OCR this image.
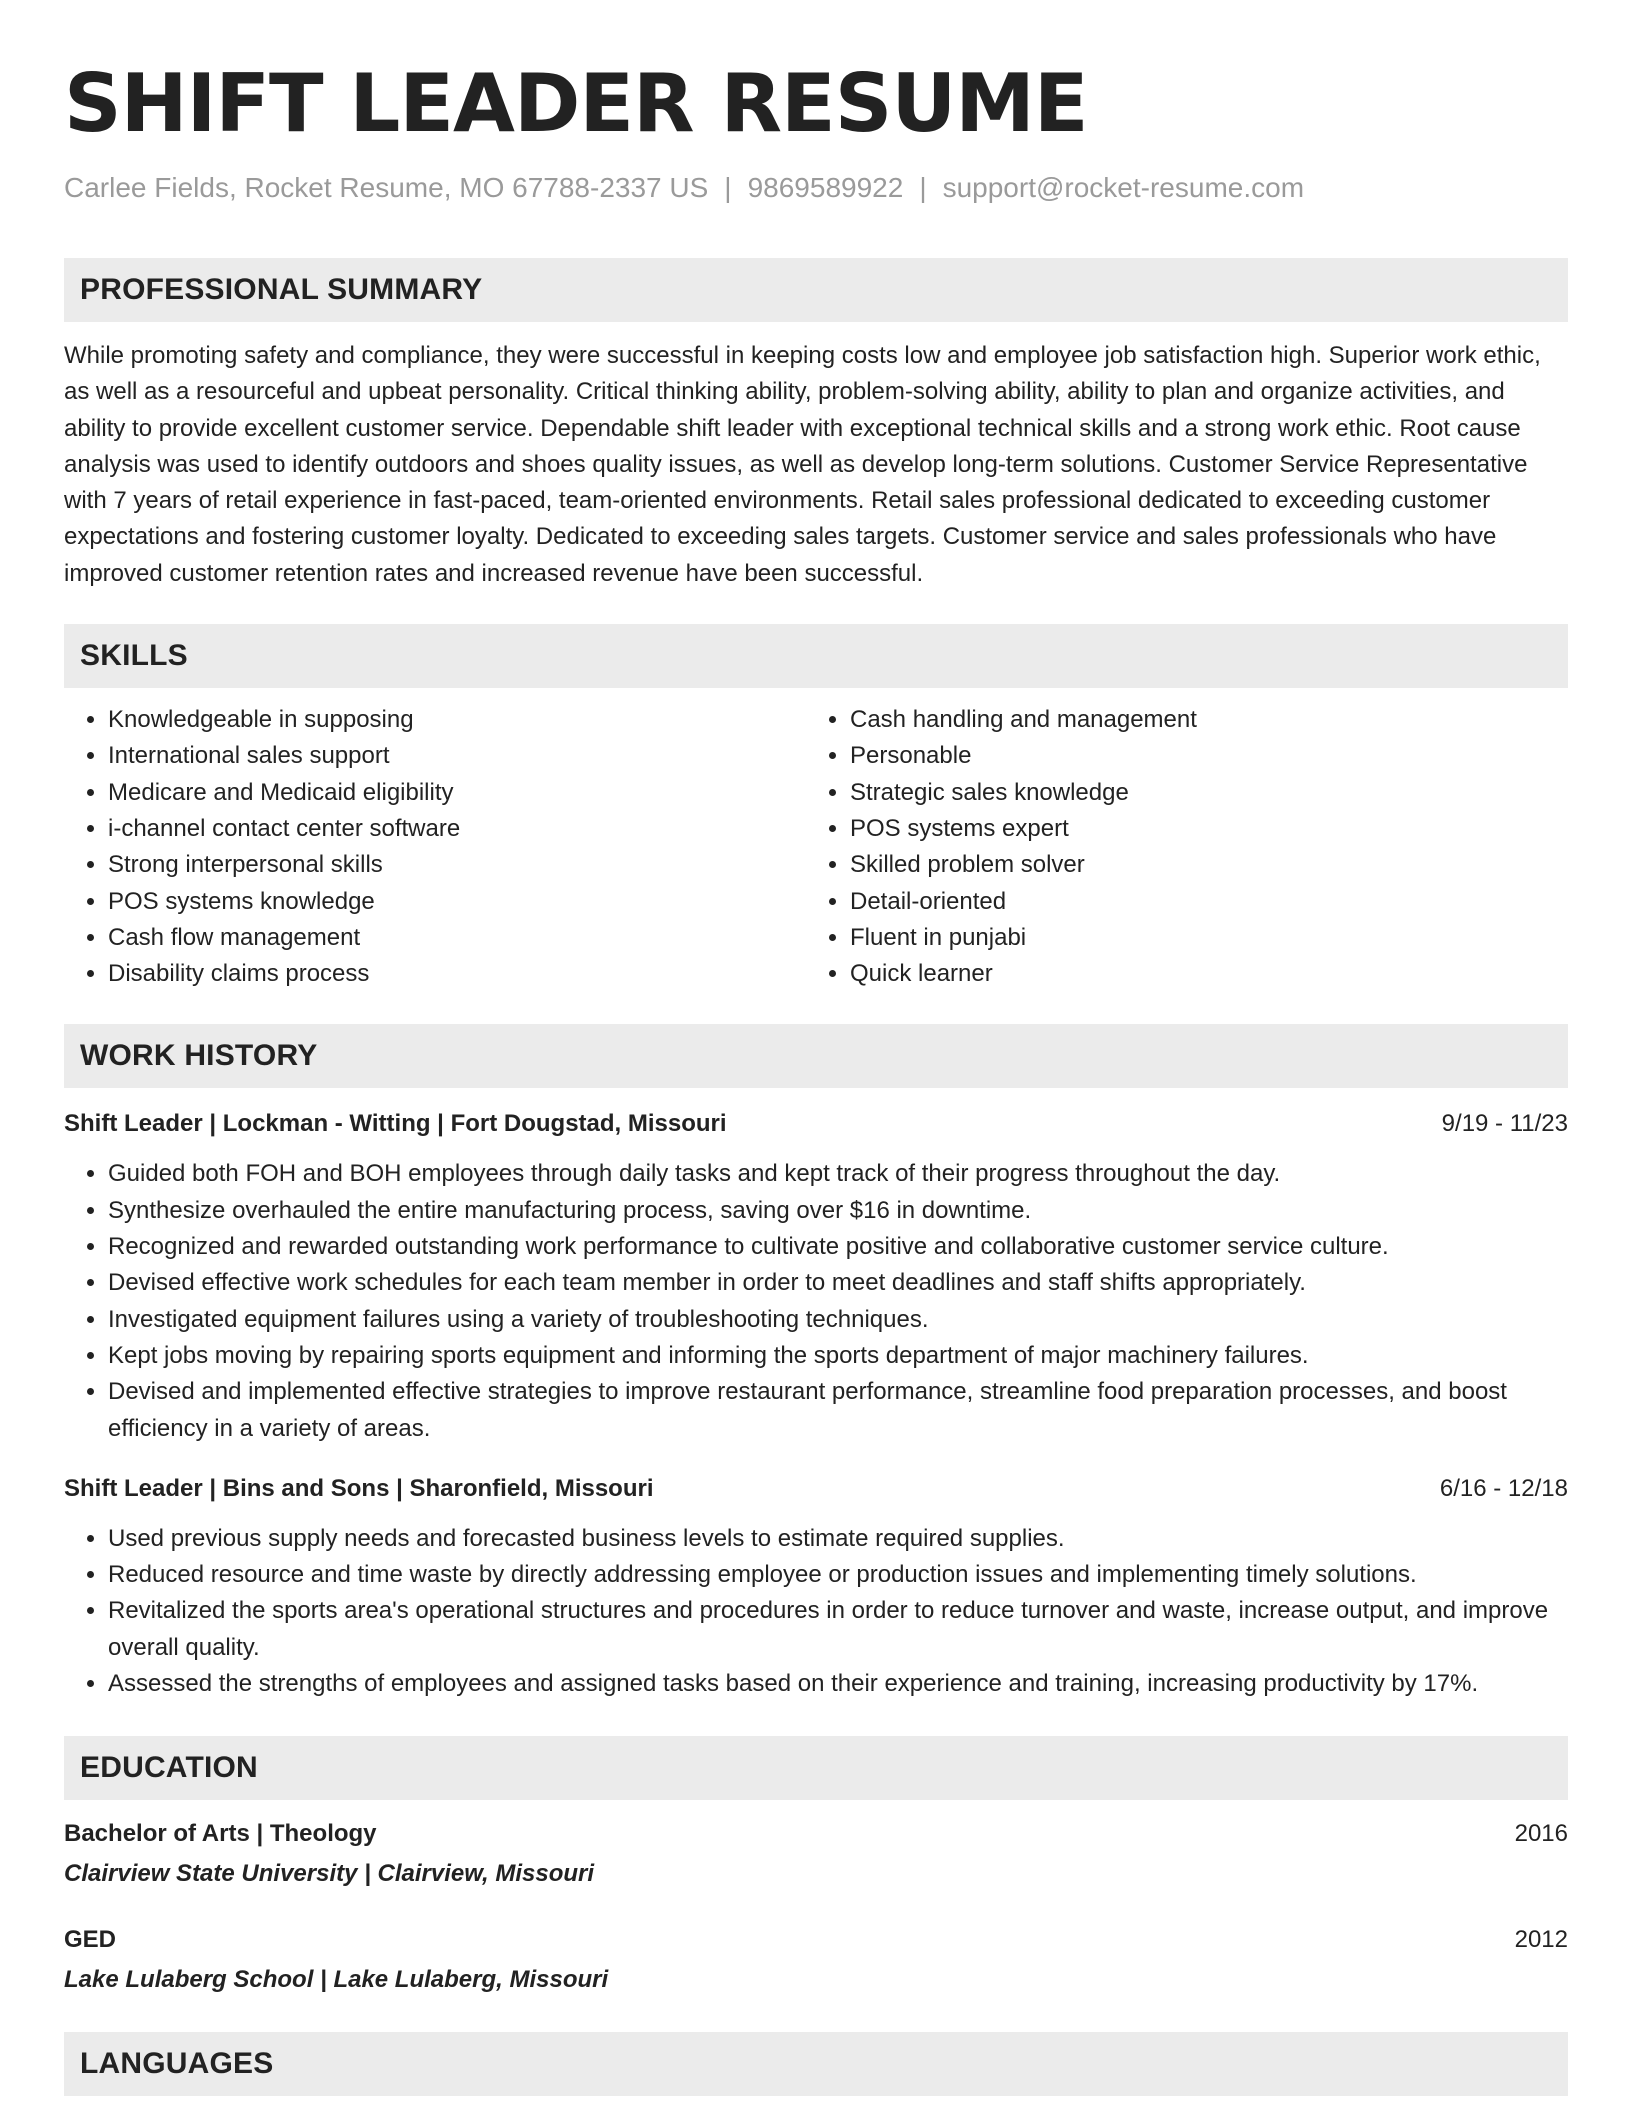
SHIFT LEADER RESUME
Carlee Fields, Rocket Resume, MO 67788-2337 US | 9869589922 | support@rocket-resume.com
PROFESSIONAL SUMMARY

While promoting safety and compliance, they were successful in keeping costs low and employee job satisfaction high. Superior work ethic, as well as a resourceful and upbeat personality. Critical thinking ability, problem-solving ability, ability to plan and organize activities, and ability to provide excellent customer service. Dependable shift leader with exceptional technical skills and a strong work ethic. Root cause analysis was used to identify outdoors and shoes quality issues, as well as develop long-term solutions. Customer Service Representative with 7 years of retail experience in fast-paced, team-oriented environments. Retail sales professional dedicated to exceeding customer expectations and fostering customer loyalty. Dedicated to exceeding sales targets. Customer service and sales professionals who have improved customer retention rates and increased revenue have been successful.

SKILLS
• Knowledgeable in supposing
• International sales support
• Medicare and Medicaid eligibility
• i-channel contact center software
• Strong interpersonal skills
• POS systems knowledge
• Cash flow management
• Disability claims process
• Cash handling and management
• Personable
• Strategic sales knowledge
• POS systems expert
• Skilled problem solver
• Detail-oriented
• Fluent in punjabi
• Quick learner
WORK HISTORY
Shift Leader | Lockman - Witting | Fort Dougstad, Missouri	9/19 - 11/23
• Guided both FOH and BOH employees through daily tasks and kept track of their progress throughout the day.
• Synthesize overhauled the entire manufacturing process, saving over $16 in downtime.
• Recognized and rewarded outstanding work performance to cultivate positive and collaborative customer service culture.
• Devised effective work schedules for each team member in order to meet deadlines and staff shifts appropriately.
• Investigated equipment failures using a variety of troubleshooting techniques.
• Kept jobs moving by repairing sports equipment and informing the sports department of major machinery failures.
• Devised and implemented effective strategies to improve restaurant performance, streamline food preparation processes, and boost efficiency in a variety of areas.
Shift Leader | Bins and Sons | Sharonfield, Missouri	6/16 - 12/18
• Used previous supply needs and forecasted business levels to estimate required supplies.
• Reduced resource and time waste by directly addressing employee or production issues and implementing timely solutions.
• Revitalized the sports area's operational structures and procedures in order to reduce turnover and waste, increase output, and improve overall quality.
• Assessed the strengths of employees and assigned tasks based on their experience and training, increasing productivity by 17%.
EDUCATION
Bachelor of Arts | Theology	2016
Clairview State University | Clairview, Missouri
GED	2012
Lake Lulaberg School | Lake Lulaberg, Missouri
LANGUAGES
